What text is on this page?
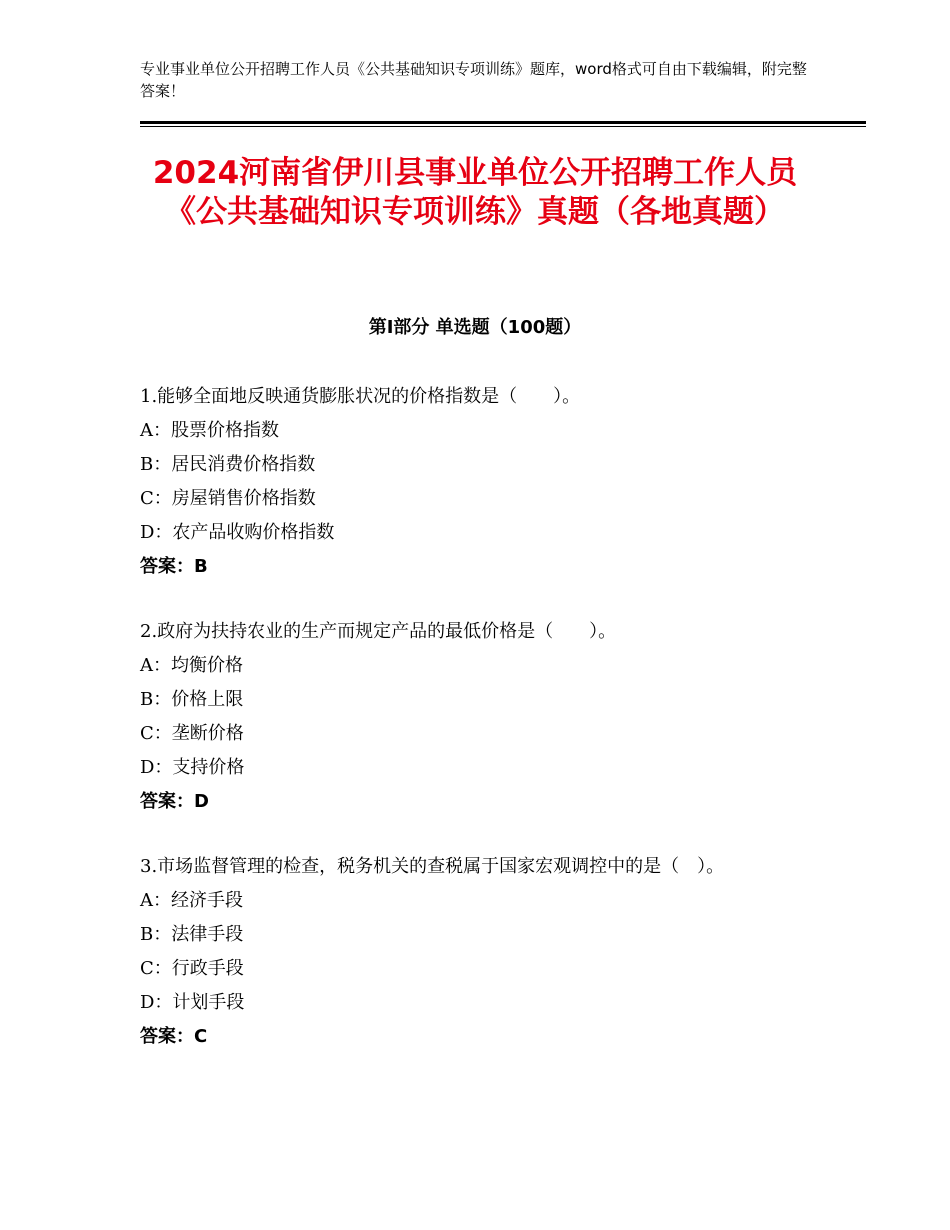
专业事业单位公开招聘工作人员《公共基础知识专项训练》题库，word格式可自由下载编辑，附完整答案！
2024河南省伊川县事业单位公开招聘工作人员《公共基础知识专项训练》真题（各地真题）
第Ⅰ部分 单选题（100题）

1.能够全面地反映通货膨胀状况的价格指数是（　　）。

A：股票价格指数

B：居民消费价格指数

C：房屋销售价格指数

D：农产品收购价格指数

答案：B

2.政府为扶持农业的生产而规定产品的最低价格是（　　）。

A：均衡价格

B：价格上限

C：垄断价格

D：支持价格

答案：D

3.市场监督管理的检查，税务机关的查税属于国家宏观调控中的是（　）。

A：经济手段

B：法律手段

C：行政手段

D：计划手段

答案：C
